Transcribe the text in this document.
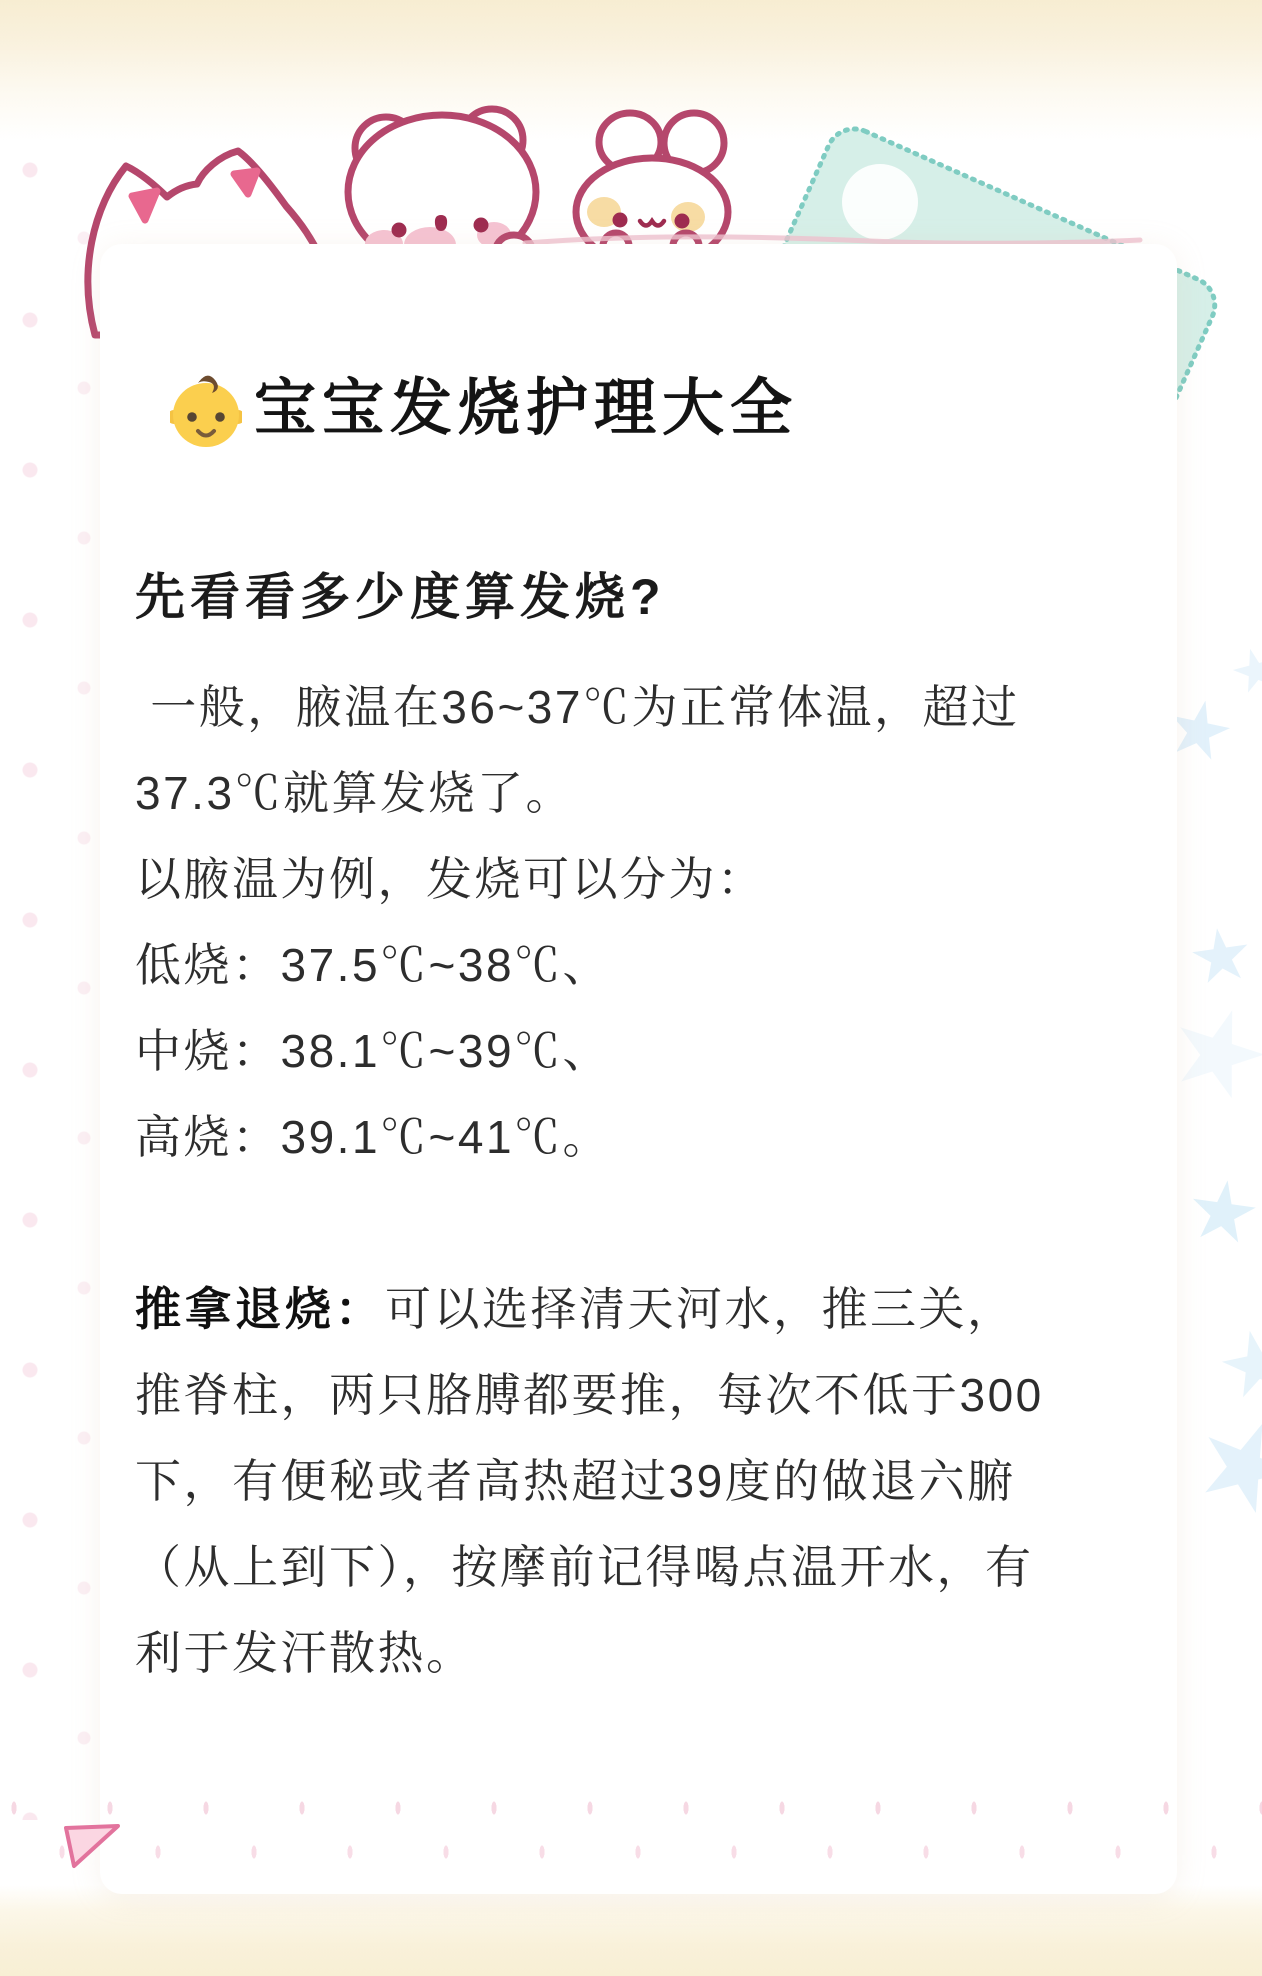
宝宝发烧护理大全
先看看多少度算发烧?
一般，腋温在36~37℃为正常体温，超过
37.3℃就算发烧了。
以腋温为例，发烧可以分为：
低烧：37.5℃~38℃、
中烧：38.1℃~39℃、
高烧：39.1℃~41℃。
推拿退烧：可以选择清天河水，推三关，
推脊柱，两只胳膊都要推，每次不低于300
下，有便秘或者高热超过39度的做退六腑
（从上到下），按摩前记得喝点温开水，有
利于发汗散热。
